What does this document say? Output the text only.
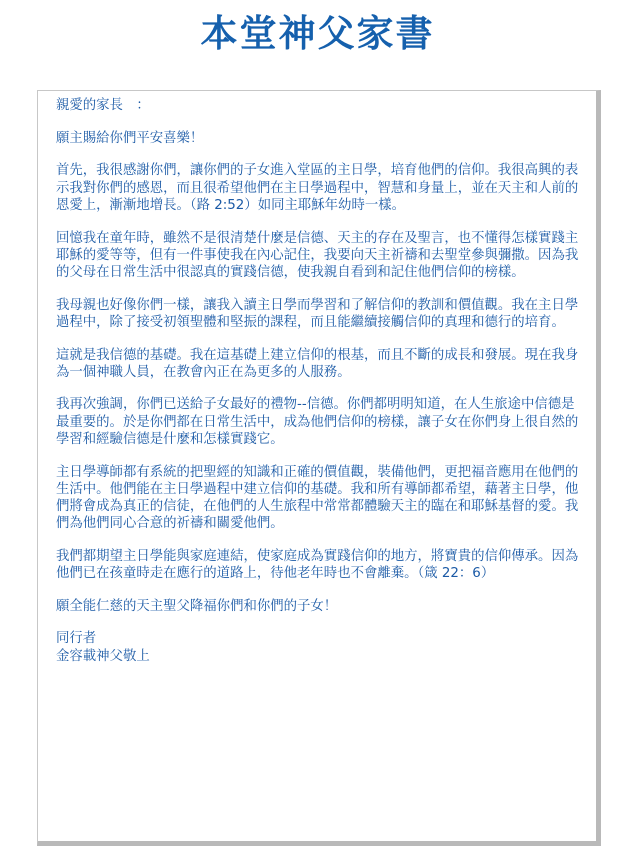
本堂神父家書

親愛的家長　：

願主賜給你們平安喜樂！

首先，我很感謝你們，讓你們的子女進入堂區的主日學，培育他們的信仰。我很高興的表示我對你們的感恩，而且很希望他們在主日學過程中，智慧和身量上，並在天主和人前的恩愛上，漸漸地增長。（路 2:52）如同主耶穌年幼時一樣。

回憶我在童年時，雖然不是很清楚什麼是信德、天主的存在及聖言，也不懂得怎樣實踐主耶穌的愛等等，但有一件事使我在內心記住，我要向天主祈禱和去聖堂參與彌撒。因為我的父母在日常生活中很認真的實踐信德，使我親自看到和記住他們信仰的榜樣。

我母親也好像你們一樣，讓我入讀主日學而學習和了解信仰的教訓和價值觀。我在主日學過程中，除了接受初領聖體和堅振的課程，而且能繼續接觸信仰的真理和德行的培育。

這就是我信德的基礎。我在這基礎上建立信仰的根基，而且不斷的成長和發展。現在我身為一個神職人員，在教會內正在為更多的人服務。

我再次強調，你們已送給子女最好的禮物--信德。你們都明明知道，在人生旅途中信德是最重要的。於是你們都在日常生活中，成為他們信仰的榜樣，讓子女在你們身上很自然的學習和經驗信德是什麼和怎樣實踐它。

主日學導師都有系統的把聖經的知識和正確的價值觀，裝備他們，更把福音應用在他們的生活中。他們能在主日學過程中建立信仰的基礎。我和所有導師都希望，藉著主日學，他們將會成為真正的信徒，在他們的人生旅程中常常都體驗天主的臨在和耶穌基督的愛。我們為他們同心合意的祈禱和關愛他們。

我們都期望主日學能與家庭連結，使家庭成為實踐信仰的地方，將寶貴的信仰傳承。因為他們已在孩童時走在應行的道路上，待他老年時也不會離棄。（箴 22：6）

願全能仁慈的天主聖父降福你們和你們的子女！

同行者

金容載神父敬上
